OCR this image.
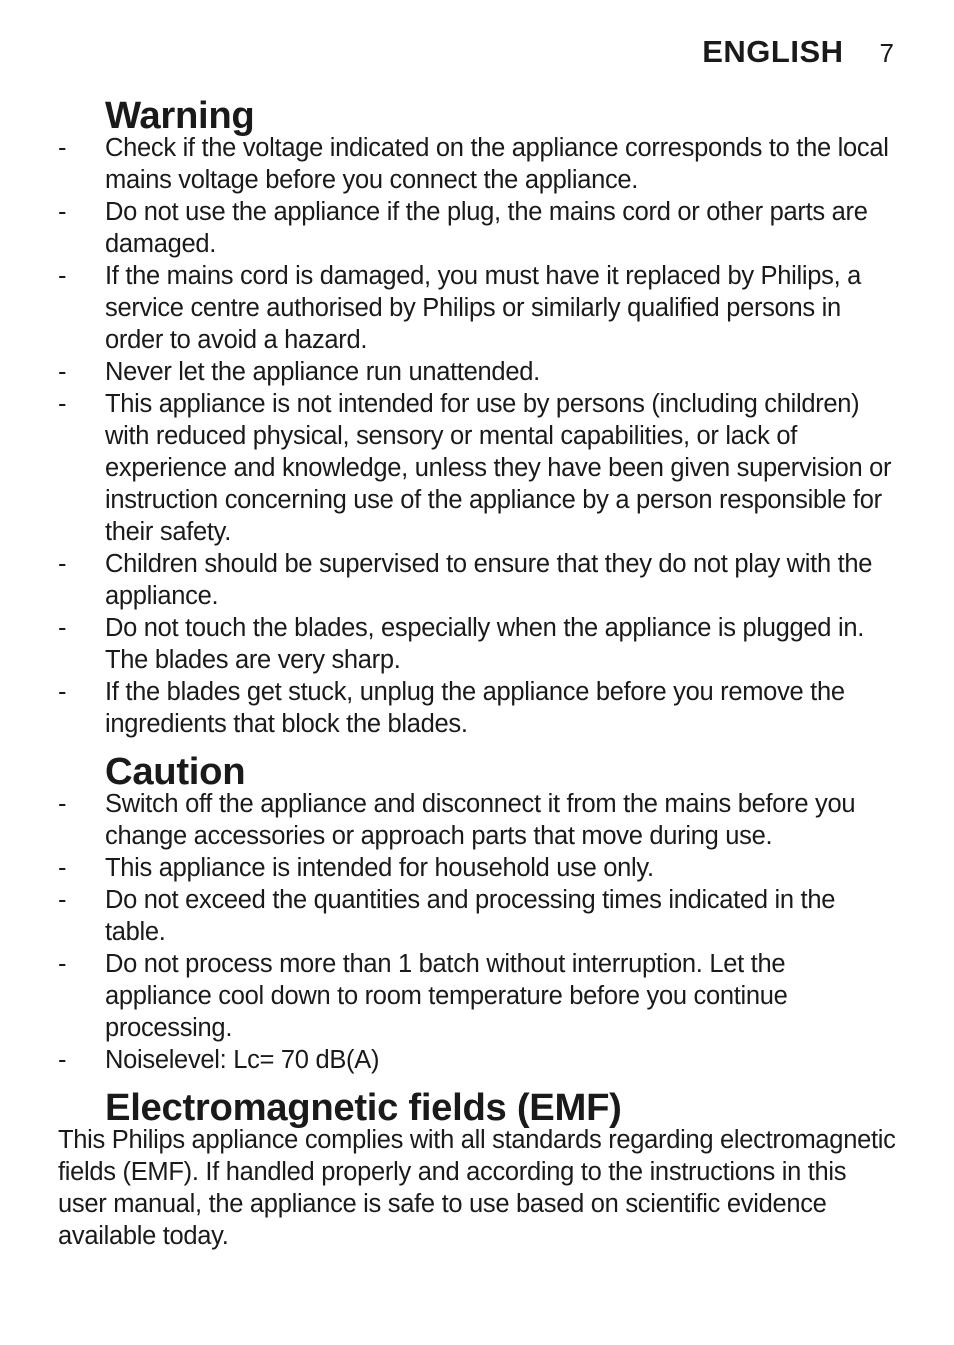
ENGLISH 7
Warning
- Check if the voltage indicated on the appliance corresponds to the local mains voltage before you connect the appliance.
- Do not use the appliance if the plug, the mains cord or other parts are damaged.
- If the mains cord is damaged, you must have it replaced by Philips, a service centre authorised by Philips or similarly qualified persons in order to avoid a hazard.
- Never let the appliance run unattended.
- This appliance is not intended for use by persons (including children) with reduced physical, sensory or mental capabilities, or lack of experience and knowledge, unless they have been given supervision or instruction concerning use of the appliance by a person responsible for their safety.
- Children should be supervised to ensure that they do not play with the appliance.
- Do not touch the blades, especially when the appliance is plugged in. The blades are very sharp.
- If the blades get stuck, unplug the appliance before you remove the ingredients that block the blades.
Caution
- Switch off the appliance and disconnect it from the mains before you change accessories or approach parts that move during use.
- This appliance is intended for household use only.
- Do not exceed the quantities and processing times indicated in the table.
- Do not process more than 1 batch without interruption. Let the appliance cool down to room temperature before you continue processing.
- Noiselevel: Lc= 70 dB(A)
Electromagnetic fields (EMF)

This Philips appliance complies with all standards regarding electromagnetic fields (EMF). If handled properly and according to the instructions in this user manual, the appliance is safe to use based on scientific evidence available today.
